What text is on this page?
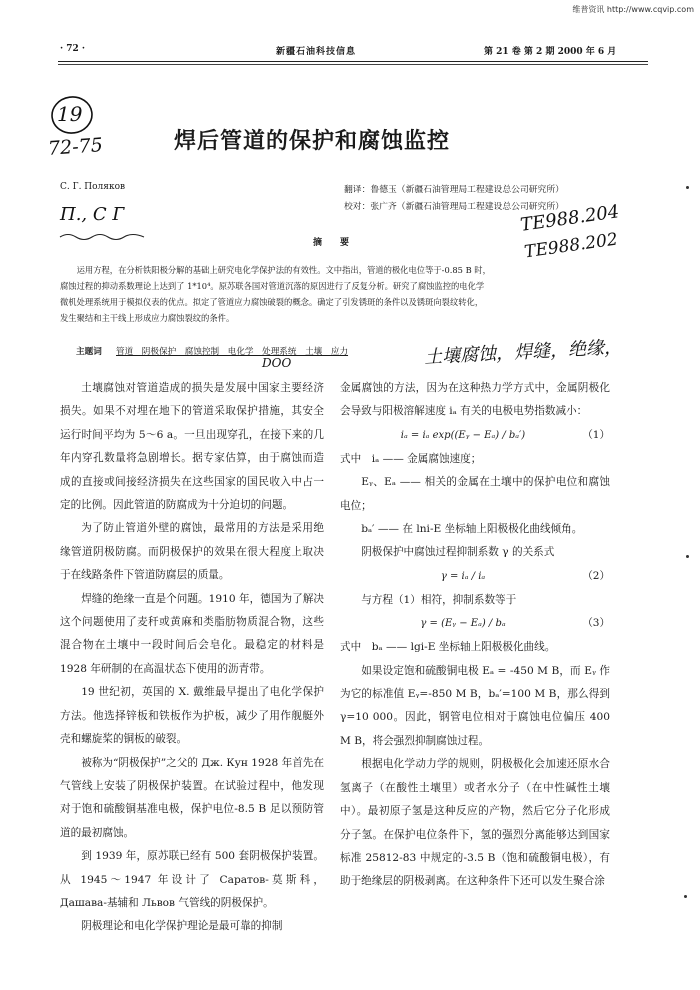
维普资讯 http://www.cqvip.com
· 72 ·	新疆石油科技信息	第 21 卷 第 2 期 2000 年 6 月
19
72-75	焊后管道的保护和腐蚀监控
С. Г. Поляков
П., С Г
翻译：鲁德玉（新疆石油管理局工程建设总公司研究所）
校对：张广齐（新疆石油管理局工程建设总公司研究所）
TE988.204
TE988.202
摘　　要

运用方程，在分析铁阳极分解的基础上研究电化学保护法的有效性。文中指出，管道的极化电位等于-0.85 B 时，

腐蚀过程的抑动系数理论上达到了 1*10⁴。原苏联各国对管道沉落的原因进行了反复分析。研究了腐蚀监控的电化学

微机处理系统用于模拟仪表的优点。拟定了管道应力腐蚀破裂的概念。确定了引发锈斑的条件以及锈斑向裂纹转化，

发生聚结和主干线上形成应力腐蚀裂纹的条件。

主题词 管道　阴极保护　腐蚀控制　电化学　处理系统　土壤　应力	土壤腐蚀，焊缝，绝缘，
DOO

土壤腐蚀对管道造成的损失是发展中国家主要经济损失。如果不对埋在地下的管道采取保护措施，其安全运行时间平均为 5～6 a。一旦出现穿孔，在接下来的几年内穿孔数量将急剧增长。据专家估算，由于腐蚀而造成的直接或间接经济损失在这些国家的国民收入中占一定的比例。因此管道的防腐成为十分迫切的问题。

为了防止管道外壁的腐蚀，最常用的方法是采用绝缘管道阴极防腐。而阴极保护的效果在很大程度上取决于在线路条件下管道防腐层的质量。

焊缝的绝缘一直是个问题。1910 年，德国为了解决这个问题使用了麦秆或黄麻和类脂肪物质混合物，这些混合物在土壤中一段时间后会皂化。最稳定的材料是 1928 年研制的在高温状态下使用的沥青带。

19 世纪初，英国的 X. 戴维最早提出了电化学保护方法。他选择锌板和铁板作为护板，减少了用作舰艇外壳和螺旋桨的铜板的破裂。

被称为“阴极保护”之父的 Дж. Кун 1928 年首先在气管线上安装了阴极保护装置。在试验过程中，他发现对于饱和硫酸铜基准电极，保护电位-8.5 B 足以预防管道的最初腐蚀。

到 1939 年，原苏联已经有 500 套阴极保护装置。从 1945～1947 年设计了 Саратов-莫斯科，Дашава-基辅和 Львов 气管线的阴极保护。

阴极理论和电化学保护理论是最可靠的抑制

金属腐蚀的方法，因为在这种热力学方式中，金属阴极化会导致与阳极溶解速度 iₐ 有关的电极电势指数减小：

iₐ = iₐ exp((Eᵧ − Eₐ) / bₐ′)	（1）

式中　iₐ —— 金属腐蚀速度；

Eᵧ、Eₐ —— 相关的金属在土壤中的保护电位和腐蚀电位；

bₐ′ —— 在 lni-E 坐标轴上阳极极化曲线倾角。

阴极保护中腐蚀过程抑制系数 γ 的关系式

γ = iₐ / iₐ	（2）

与方程（1）相符，抑制系数等于

γ = (Eᵧ − Eₐ) / bₐ	（3）

式中　bₐ —— lgi-E 坐标轴上阳极极化曲线。

如果设定饱和硫酸铜电极 Eₐ = -450 M B，而 Eᵧ 作为它的标准值 Eᵧ=-850 M B，bₐ′=100 M B，那么得到 γ=10 000。因此，钢管电位相对于腐蚀电位偏压 400 M B，将会强烈抑制腐蚀过程。

根据电化学动力学的规则，阴极极化会加速还原水合氢离子（在酸性土壤里）或者水分子（在中性碱性土壤中）。最初原子氢是这种反应的产物，然后它分子化形成分子氢。在保护电位条件下，氢的强烈分离能够达到国家标准 25812-83 中规定的-3.5 B（饱和硫酸铜电极），有助于绝缘层的阴极剥离。在这种条件下还可以发生聚合涂
